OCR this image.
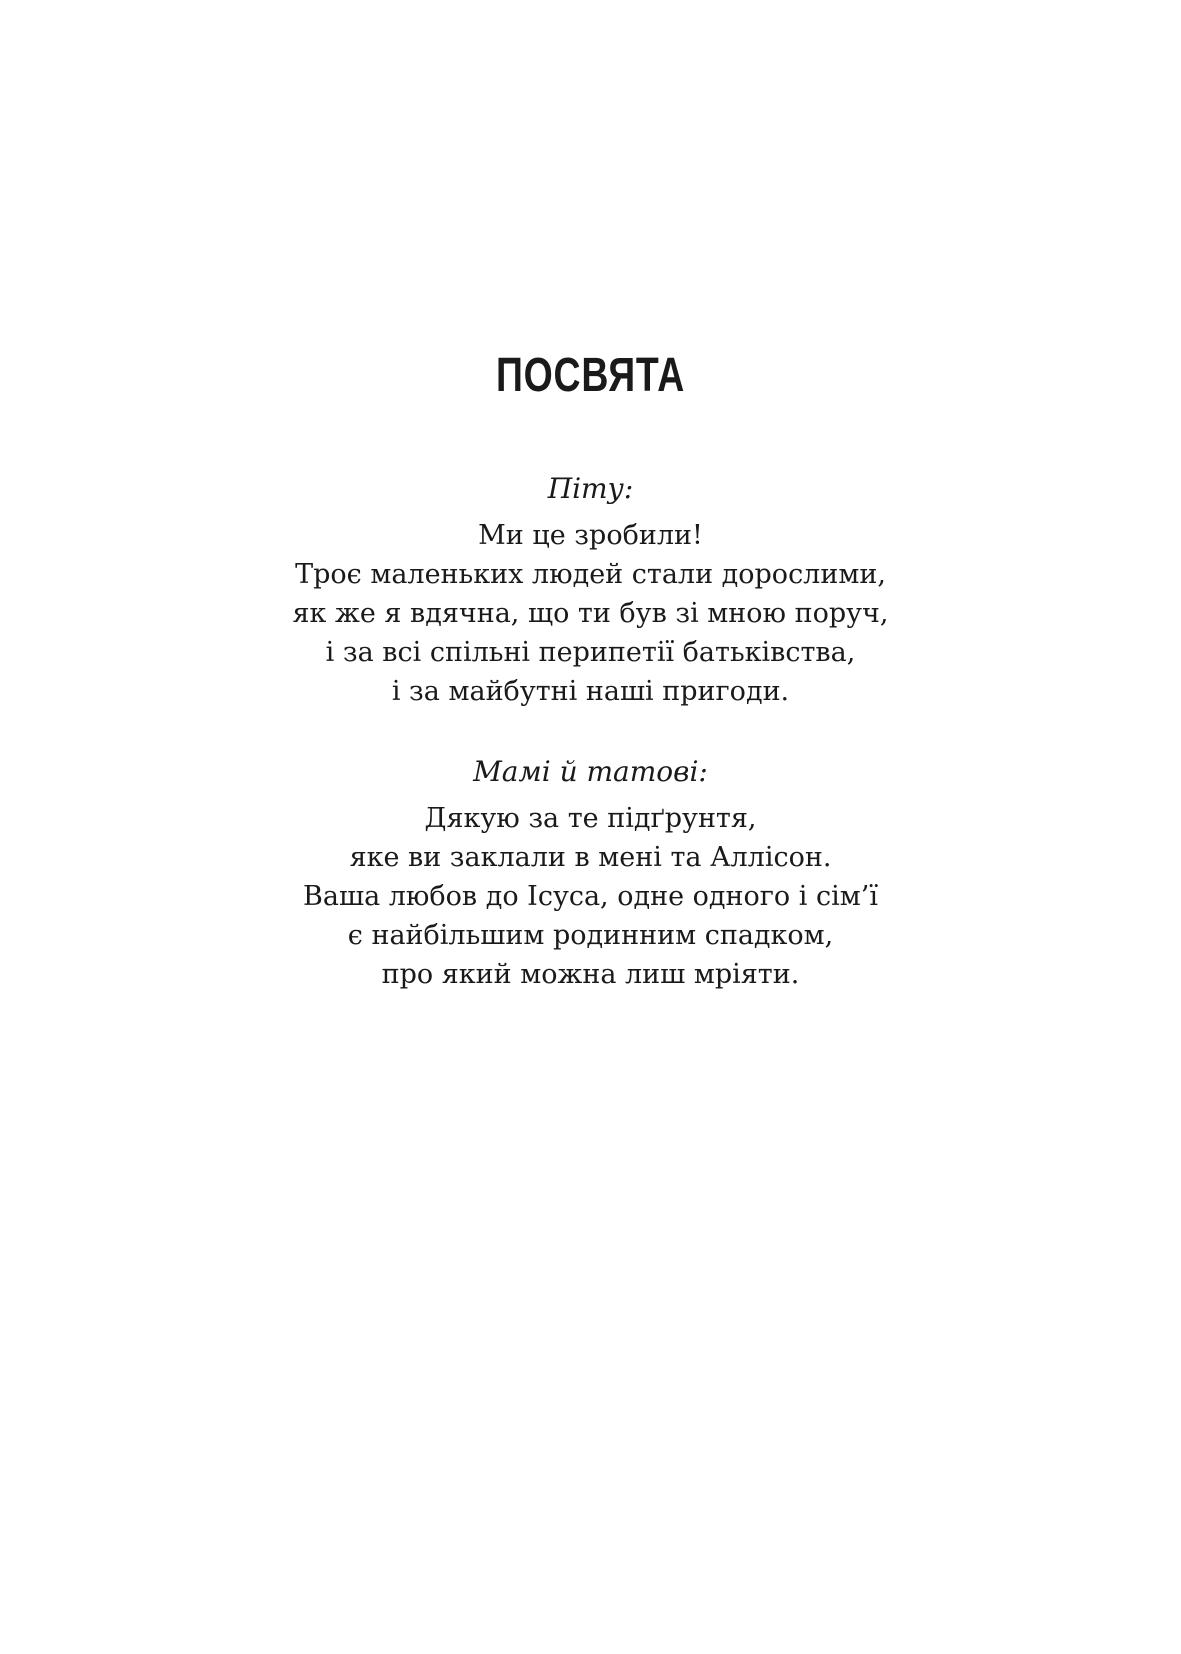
ПОСВЯТА
Піту:
Ми це зробили!
Троє маленьких людей стали дорослими,
як же я вдячна, що ти був зі мною поруч,
і за всі спільні перипетії батьківства,
і за майбутні наші пригоди.
Мамі й татові:
Дякую за те підґрунтя,
яке ви заклали в мені та Аллісон.
Ваша любов до Ісуса, одне одного і сім’ї
є найбільшим родинним спадком,
про який можна лиш мріяти.
